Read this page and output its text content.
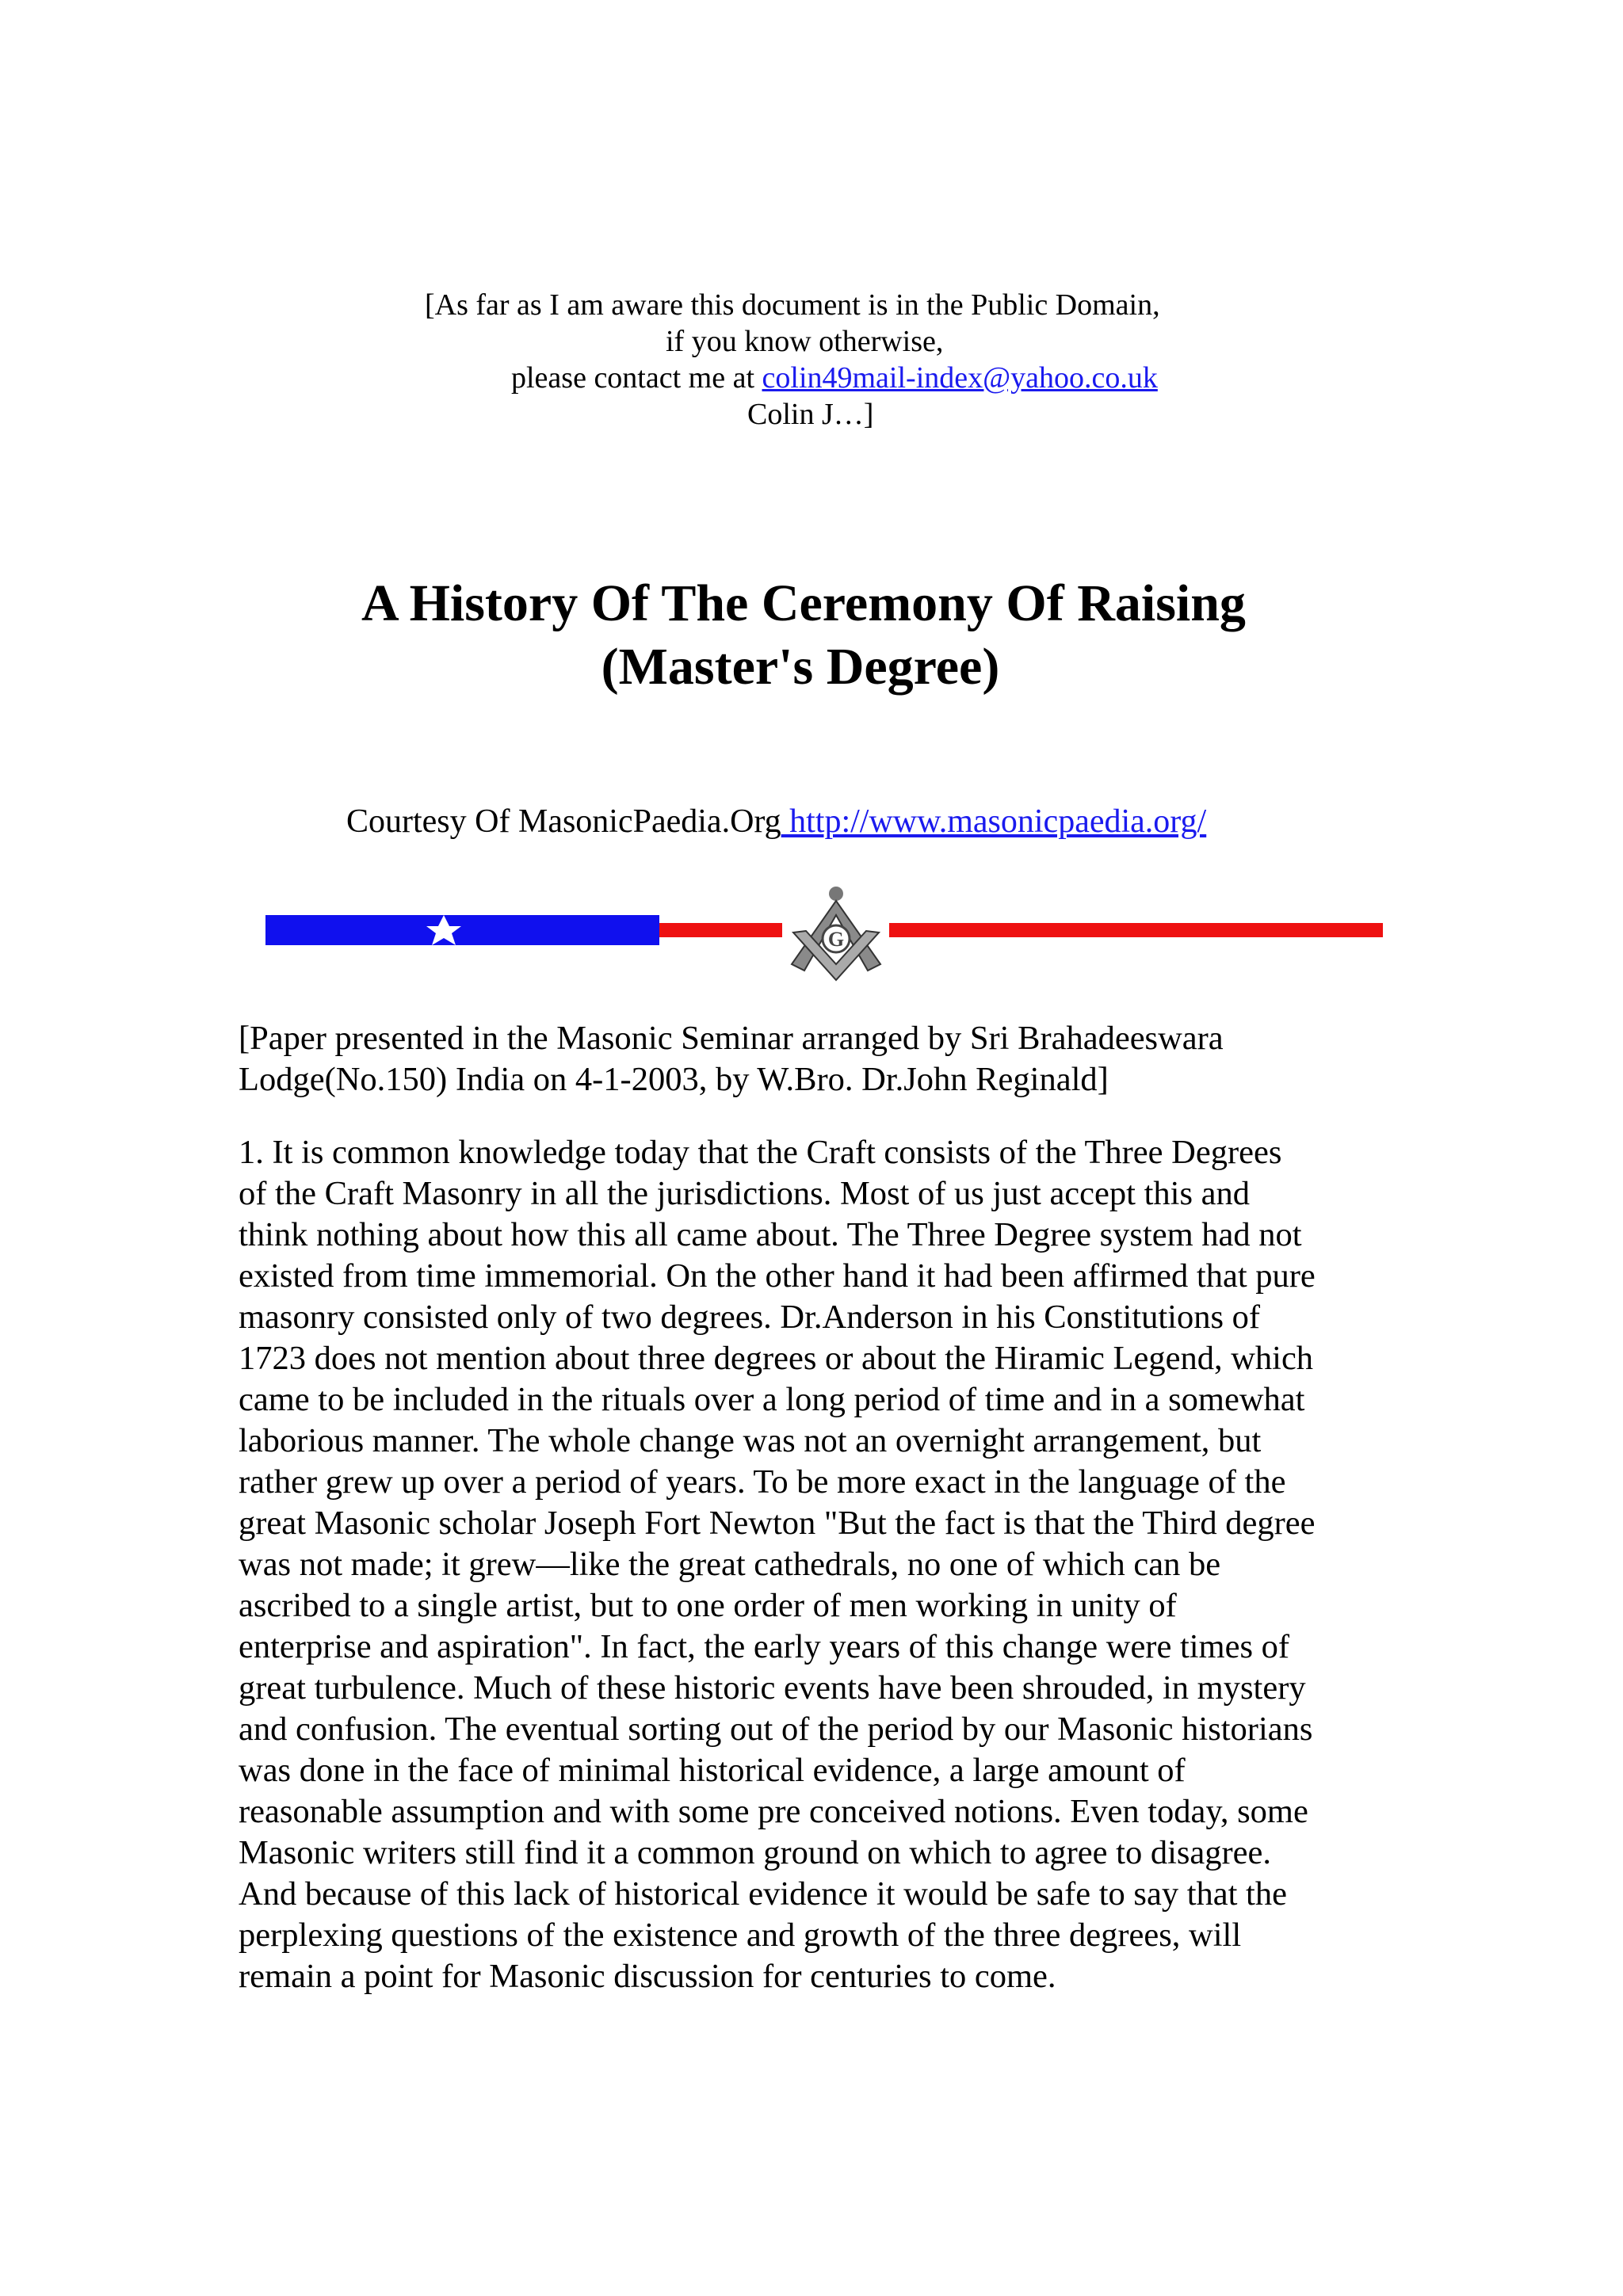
[As far as I am aware this document is in the Public Domain,
if you know otherwise,
please contact me at colin49mail-index@yahoo.co.uk
Colin J…]
A History Of The Ceremony Of Raising
(Master's Degree)
Courtesy Of MasonicPaedia.Org http://www.masonicpaedia.org/
G

[Paper presented in the Masonic Seminar arranged by Sri Brahadeeswara
Lodge(No.150) India on 4-1-2003, by W.Bro. Dr.John Reginald]

1. It is common knowledge today that the Craft consists of the Three Degrees
of the Craft Masonry in all the jurisdictions. Most of us just accept this and
think nothing about how this all came about. The Three Degree system had not
existed from time immemorial. On the other hand it had been affirmed that pure
masonry consisted only of two degrees. Dr.Anderson in his Constitutions of
1723 does not mention about three degrees or about the Hiramic Legend, which
came to be included in the rituals over a long period of time and in a somewhat
laborious manner. The whole change was not an overnight arrangement, but
rather grew up over a period of years. To be more exact in the language of the
great Masonic scholar Joseph Fort Newton "But the fact is that the Third degree
was not made; it grew—like the great cathedrals, no one of which can be
ascribed to a single artist, but to one order of men working in unity of
enterprise and aspiration". In fact, the early years of this change were times of
great turbulence. Much of these historic events have been shrouded, in mystery
and confusion. The eventual sorting out of the period by our Masonic historians
was done in the face of minimal historical evidence, a large amount of
reasonable assumption and with some pre conceived notions. Even today, some
Masonic writers still find it a common ground on which to agree to disagree.
And because of this lack of historical evidence it would be safe to say that the
perplexing questions of the existence and growth of the three degrees, will
remain a point for Masonic discussion for centuries to come.
